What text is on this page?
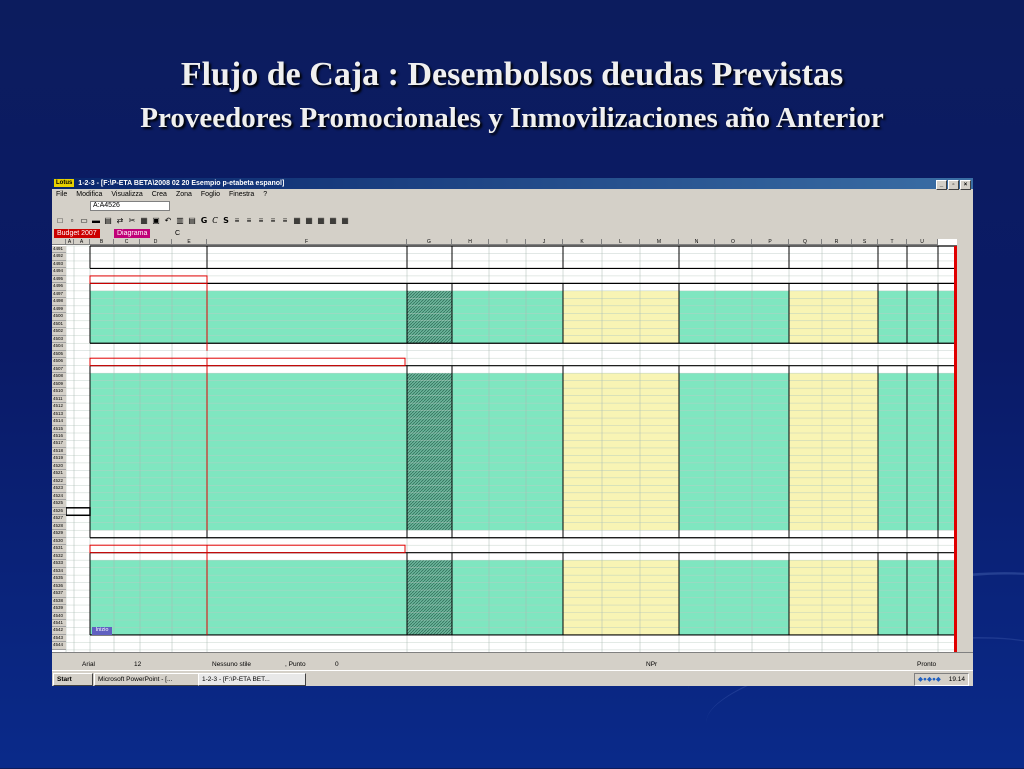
Flujo de Caja : Desembolsos deudas Previstas
Proveedores Promocionales y Inmovilizaciones año Anterior
Lotus 1-2-3 - [F:\P-ETA BETA\2008 02 20 Esempio p-etabeta espanol]	_ ▫ ×
File Modifica Visualizza Crea Zona Foglio Finestra ?
A:A4526
□	▫ ▭ ▬ ▤ ⇄ ✂ ▦ ▣ ↶ ▥ ▤ 𝗚 𝘊 𝗦 ≡ ≡ ≡ ≡ ≡ ▦ ▦ ▦ ▦ ▦
Budget 2007	Diagrama	C
A	A	B	C	D	E	F	G	H	I	J	K	L	M	N	O	P	Q	R	S	T	U
4491
4492
4493
4494
4495
4496
4497
4498
4499
4500
4501
4502
4503
4504
4505
4506
4507
4508
4509
4510
4511
4512
4513
4514
4515
4516
4517
4518
4519
4520
4521
4522
4523
4524
4525
4526
4527
4528
4529
4530
4531
4532
4533
4534
4535
4536
4537
4538
4539
4540
4541
4542
4543
4544
Inizio
Arial	12	Nessuno stile	, Punto	0	NPr	Pronto
Start	Microsoft PowerPoint - [...	1-2-3 - [F:\P-ETA BET...	◆●◆●◆ 19.14
